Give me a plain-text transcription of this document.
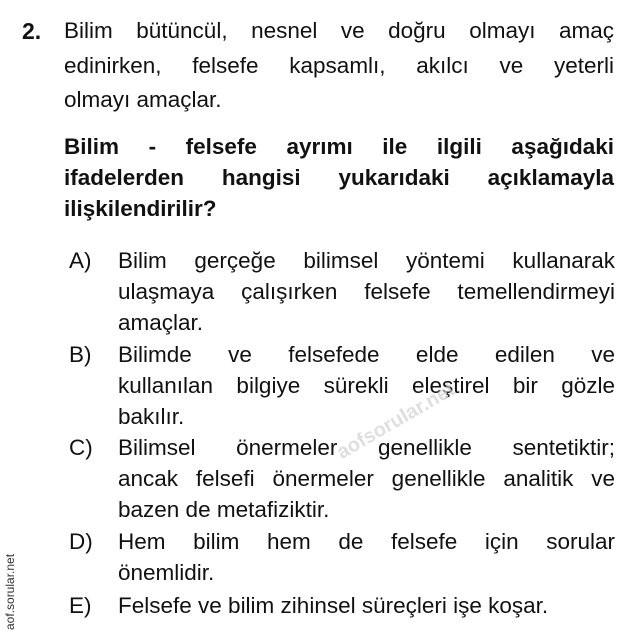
2. Bilim bütüncül, nesnel ve doğru olmayı amaç
edinirken, felsefe kapsamlı, akılcı ve yeterli
olmayı amaçlar.
Bilim - felsefe ayrımı ile ilgili aşağıdaki
ifadelerden hangisi yukarıdaki açıklamayla
ilişkilendirilir?
A) Bilim gerçeğe bilimsel yöntemi kullanarak
ulaşmaya çalışırken felsefe temellendirmeyi
amaçlar.
B) Bilimde ve felsefede elde edilen ve
kullanılan bilgiye sürekli eleştirel bir gözle
bakılır.
C) Bilimsel önermeler genellikle sentetiktir;
ancak felsefi önermeler genellikle analitik ve
bazen de metafiziktir.
D) Hem bilim hem de felsefe için sorular
önemlidir.
E) Felsefe ve bilim zihinsel süreçleri işe koşar.
aofsorular.net
aof.sorular.net
